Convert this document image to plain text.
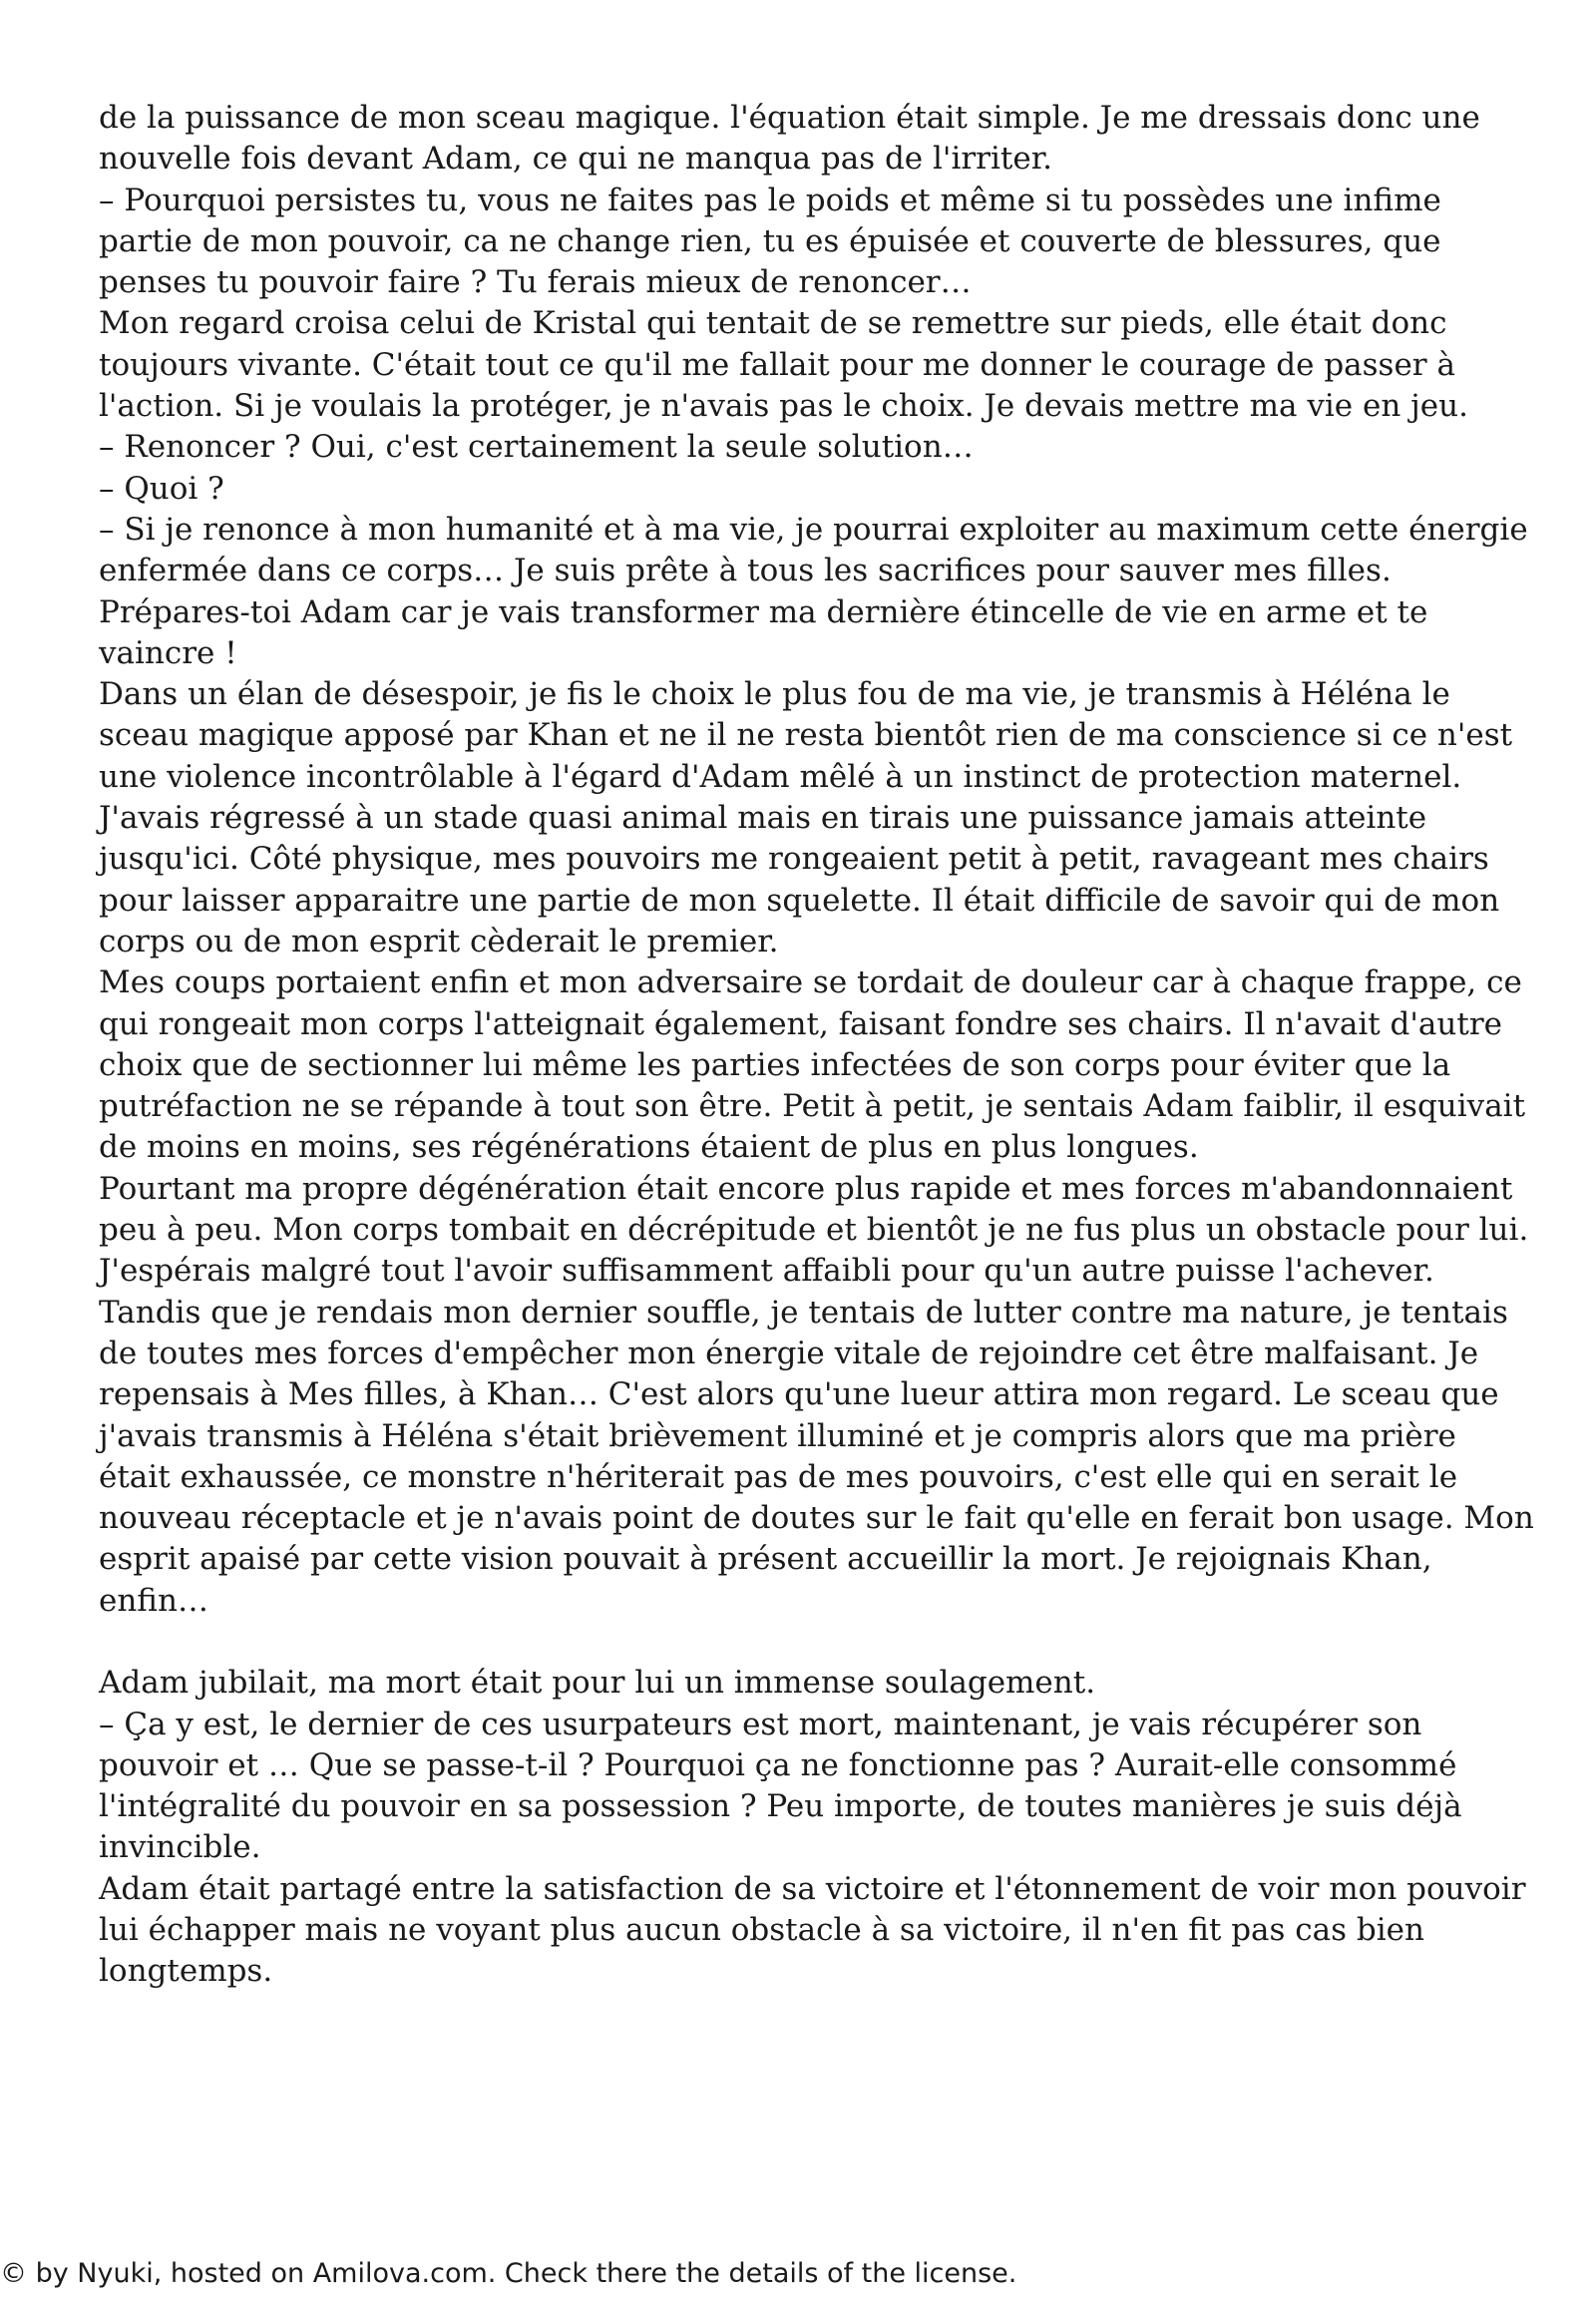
de la puissance de mon sceau magique. l'équation était simple. Je me dressais donc une nouvelle fois devant Adam, ce qui ne manqua pas de l'irriter.

– Pourquoi persistes tu, vous ne faites pas le poids et même si tu possèdes une infime partie de mon pouvoir, ca ne change rien, tu es épuisée et couverte de blessures, que penses tu pouvoir faire ? Tu ferais mieux de renoncer…

Mon regard croisa celui de Kristal qui tentait de se remettre sur pieds, elle était donc toujours vivante. C'était tout ce qu'il me fallait pour me donner le courage de passer à l'action. Si je voulais la protéger, je n'avais pas le choix. Je devais mettre ma vie en jeu.

– Renoncer ? Oui, c'est certainement la seule solution…

– Quoi ?

– Si je renonce à mon humanité et à ma vie, je pourrai exploiter au maximum cette énergie enfermée dans ce corps… Je suis prête à tous les sacrifices pour sauver mes filles. Prépares-toi Adam car je vais transformer ma dernière étincelle de vie en arme et te vaincre !

Dans un élan de désespoir, je fis le choix le plus fou de ma vie, je transmis à Héléna le sceau magique apposé par Khan et ne il ne resta bientôt rien de ma conscience si ce n'est une violence incontrôlable à l'égard d'Adam mêlé à un instinct de protection maternel. J'avais régressé à un stade quasi animal mais en tirais une puissance jamais atteinte jusqu'ici. Côté physique, mes pouvoirs me rongeaient petit à petit, ravageant mes chairs pour laisser apparaitre une partie de mon squelette. Il était difficile de savoir qui de mon corps ou de mon esprit cèderait le premier.

Mes coups portaient enfin et mon adversaire se tordait de douleur car à chaque frappe, ce qui rongeait mon corps l'atteignait également, faisant fondre ses chairs. Il n'avait d'autre choix que de sectionner lui même les parties infectées de son corps pour éviter que la putréfaction ne se répande à tout son être. Petit à petit, je sentais Adam faiblir, il esquivait de moins en moins, ses régénérations étaient de plus en plus longues.

Pourtant ma propre dégénération était encore plus rapide et mes forces m'abandonnaient peu à peu. Mon corps tombait en décrépitude et bientôt je ne fus plus un obstacle pour lui. J'espérais malgré tout l'avoir suffisamment affaibli pour qu'un autre puisse l'achever.

Tandis que je rendais mon dernier souffle, je tentais de lutter contre ma nature, je tentais de toutes mes forces d'empêcher mon énergie vitale de rejoindre cet être malfaisant. Je repensais à Mes filles, à Khan… C'est alors qu'une lueur attira mon regard. Le sceau que j'avais transmis à Héléna s'était brièvement illuminé et je compris alors que ma prière était exhaussée, ce monstre n'hériterait pas de mes pouvoirs, c'est elle qui en serait le nouveau réceptacle et je n'avais point de doutes sur le fait qu'elle en ferait bon usage. Mon esprit apaisé par cette vision pouvait à présent accueillir la mort. Je rejoignais Khan, enfin…

Adam jubilait, ma mort était pour lui un immense soulagement.

– Ça y est, le dernier de ces usurpateurs est mort, maintenant, je vais récupérer son pouvoir et … Que se passe-t-il ? Pourquoi ça ne fonctionne pas ? Aurait-elle consommé l'intégralité du pouvoir en sa possession ? Peu importe, de toutes manières je suis déjà invincible.

Adam était partagé entre la satisfaction de sa victoire et l'étonnement de voir mon pouvoir lui échapper mais ne voyant plus aucun obstacle à sa victoire, il n'en fit pas cas bien longtemps.

© by Nyuki, hosted on Amilova.com. Check there the details of the license.
